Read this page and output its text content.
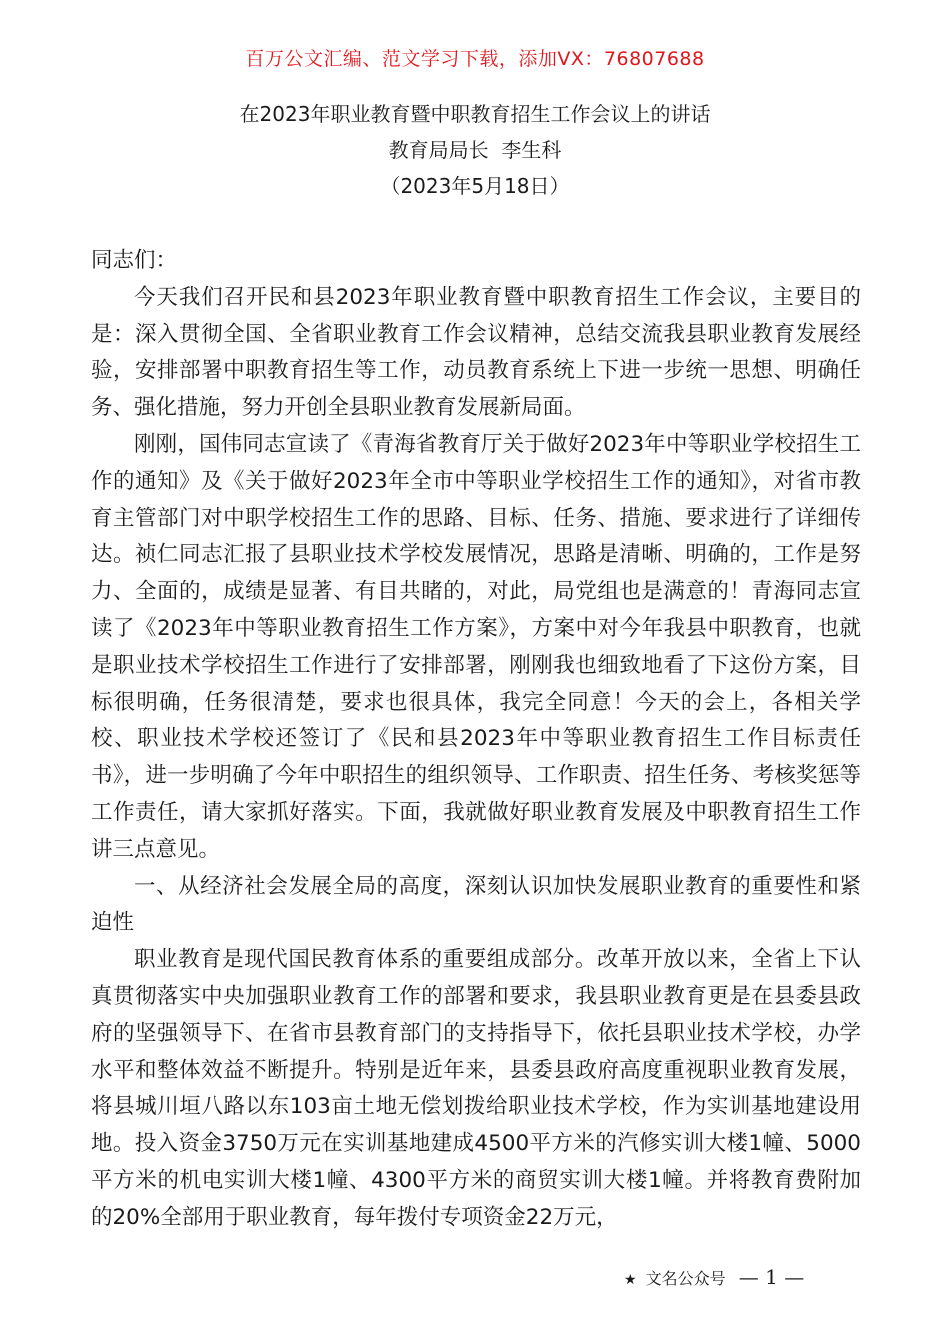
百万公文汇编、范文学习下载，添加VX：76807688
在2023年职业教育暨中职教育招生工作会议上的讲话
教育局局长  李生科
（2023年5月18日）

同志们：

今天我们召开民和县2023年职业教育暨中职教育招生工作会议，主要目的是：深入贯彻全国、全省职业教育工作会议精神，总结交流我县职业教育发展经验，安排部署中职教育招生等工作，动员教育系统上下进一步统一思想、明确任务、强化措施，努力开创全县职业教育发展新局面。

刚刚，国伟同志宣读了《青海省教育厅关于做好2023年中等职业学校招生工作的通知》及《关于做好2023年全市中等职业学校招生工作的通知》，对省市教育主管部门对中职学校招生工作的思路、目标、任务、措施、要求进行了详细传达。祯仁同志汇报了县职业技术学校发展情况，思路是清晰、明确的，工作是努力、全面的，成绩是显著、有目共睹的，对此，局党组也是满意的！青海同志宣读了《2023年中等职业教育招生工作方案》，方案中对今年我县中职教育，也就是职业技术学校招生工作进行了安排部署，刚刚我也细致地看了下这份方案，目标很明确，任务很清楚，要求也很具体，我完全同意！今天的会上，各相关学校、职业技术学校还签订了《民和县2023年中等职业教育招生工作目标责任书》，进一步明确了今年中职招生的组织领导、工作职责、招生任务、考核奖惩等工作责任，请大家抓好落实。下面，我就做好职业教育发展及中职教育招生工作讲三点意见。

一、从经济社会发展全局的高度，深刻认识加快发展职业教育的重要性和紧迫性

职业教育是现代国民教育体系的重要组成部分。改革开放以来，全省上下认真贯彻落实中央加强职业教育工作的部署和要求，我县职业教育更是在县委县政府的坚强领导下、在省市县教育部门的支持指导下，依托县职业技术学校，办学水平和整体效益不断提升。特别是近年来，县委县政府高度重视职业教育发展，将县城川垣八路以东103亩土地无偿划拨给职业技术学校，作为实训基地建设用地。投入资金3750万元在实训基地建成4500平方米的汽修实训大楼1幢、5000平方米的机电实训大楼1幢、4300平方米的商贸实训大楼1幢。并将教育费附加的20%全部用于职业教育，每年拨付专项资金22万元，

★ 文名公众号 — 1 —
